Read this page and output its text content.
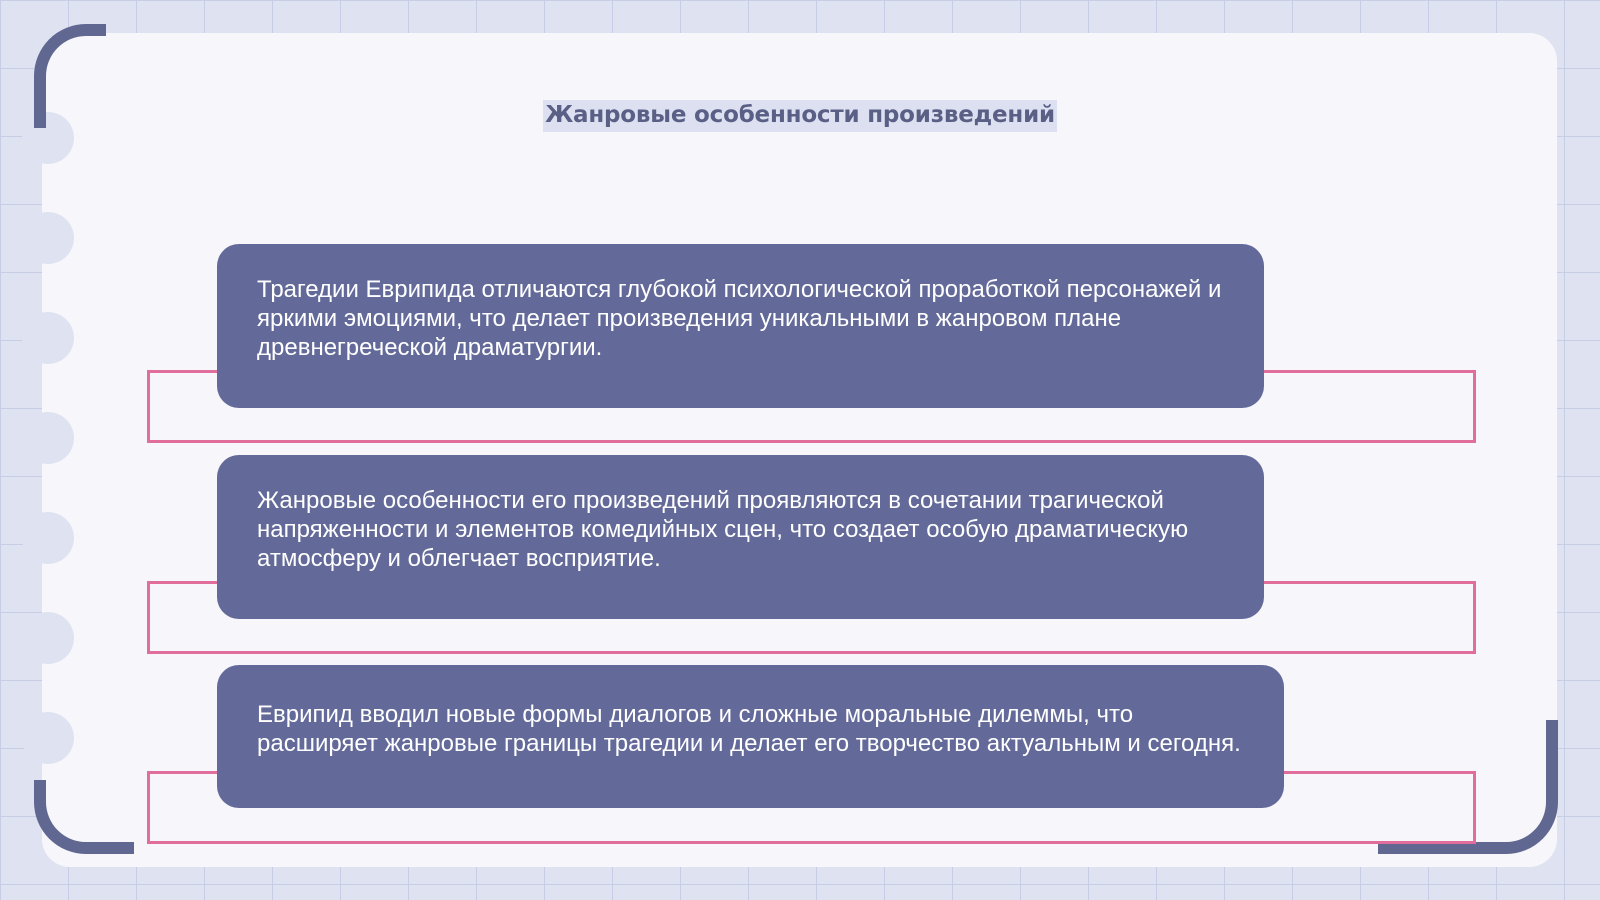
Жанровые особенности произведений

Трагедии Еврипида отличаются глубокой психологической проработкой персонажей и яркими эмоциями, что делает произведения уникальными в жанровом плане древнегреческой драматургии.

Жанровые особенности его произведений проявляются в сочетании трагической напряженности и элементов комедийных сцен, что создает особую драматическую атмосферу и облегчает восприятие.

Еврипид вводил новые формы диалогов и сложные моральные дилеммы, что расширяет жанровые границы трагедии и делает его творчество актуальным и сегодня.
